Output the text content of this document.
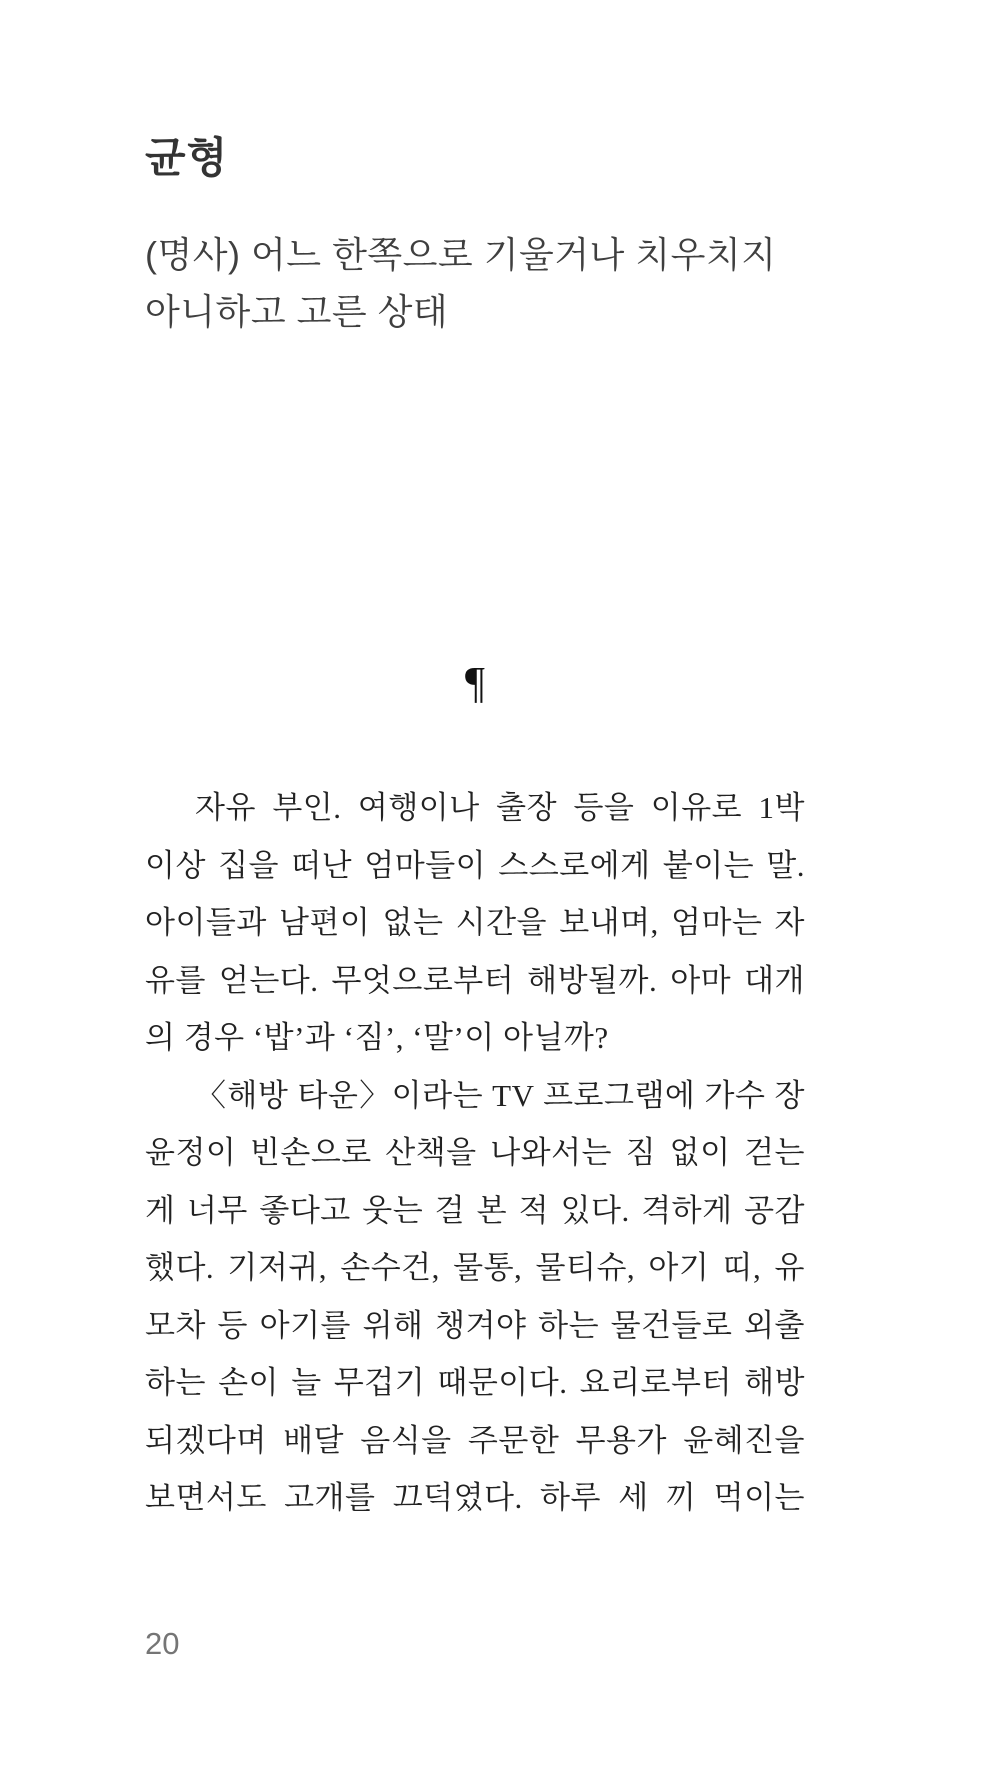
균형
(명사) 어느 한쪽으로 기울거나 치우치지
아니하고 고른 상태
¶
자유 부인. 여행이나 출장 등을 이유로 1박
이상 집을 떠난 엄마들이 스스로에게 붙이는 말.
아이들과 남편이 없는 시간을 보내며, 엄마는 자
유를 얻는다. 무엇으로부터 해방될까. 아마 대개
의 경우 ‘밥’과 ‘짐’, ‘말’이 아닐까?
〈해방 타운〉이라는 TV 프로그램에 가수 장
윤정이 빈손으로 산책을 나와서는 짐 없이 걷는
게 너무 좋다고 웃는 걸 본 적 있다. 격하게 공감
했다. 기저귀, 손수건, 물통, 물티슈, 아기 띠, 유
모차 등 아기를 위해 챙겨야 하는 물건들로 외출
하는 손이 늘 무겁기 때문이다. 요리로부터 해방
되겠다며 배달 음식을 주문한 무용가 윤혜진을
보면서도 고개를 끄덕였다. 하루 세 끼 먹이는
20
